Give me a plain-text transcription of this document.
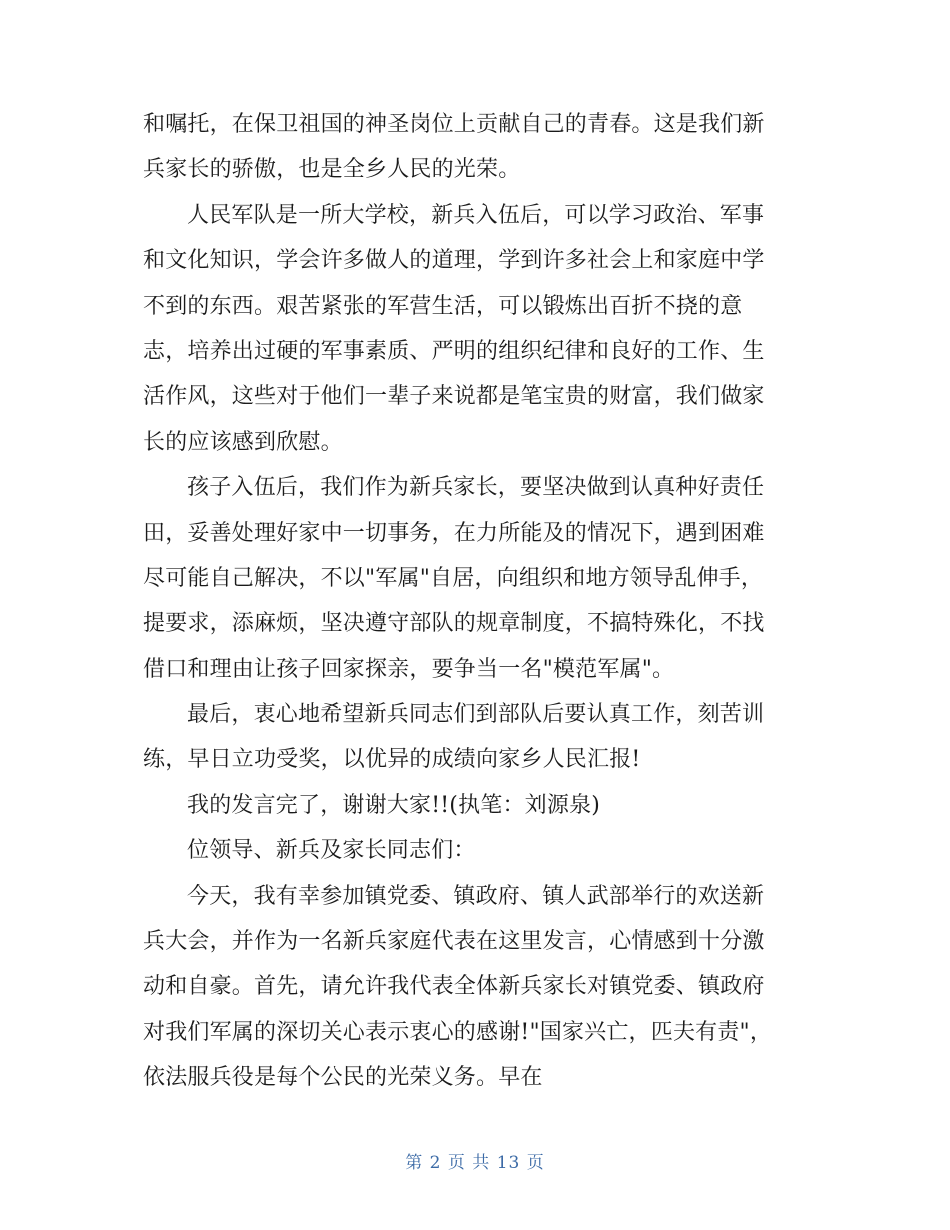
和嘱托，在保卫祖国的神圣岗位上贡献自己的青春。这是我们新
兵家长的骄傲，也是全乡人民的光荣。
人民军队是一所大学校，新兵入伍后，可以学习政治、军事
和文化知识，学会许多做人的道理，学到许多社会上和家庭中学
不到的东西。艰苦紧张的军营生活，可以锻炼出百折不挠的意
志，培养出过硬的军事素质、严明的组织纪律和良好的工作、生
活作风，这些对于他们一辈子来说都是笔宝贵的财富，我们做家
长的应该感到欣慰。
孩子入伍后，我们作为新兵家长，要坚决做到认真种好责任
田，妥善处理好家中一切事务，在力所能及的情况下，遇到困难
尽可能自己解决，不以"军属"自居，向组织和地方领导乱伸手，
提要求，添麻烦，坚决遵守部队的规章制度，不搞特殊化，不找
借口和理由让孩子回家探亲，要争当一名"模范军属"。
最后，衷心地希望新兵同志们到部队后要认真工作，刻苦训
练，早日立功受奖，以优异的成绩向家乡人民汇报!
我的发言完了，谢谢大家!!(执笔：刘源泉)
位领导、新兵及家长同志们：
今天，我有幸参加镇党委、镇政府、镇人武部举行的欢送新
兵大会，并作为一名新兵家庭代表在这里发言，心情感到十分激
动和自豪。首先，请允许我代表全体新兵家长对镇党委、镇政府
对我们军属的深切关心表示衷心的感谢!"国家兴亡，匹夫有责"，
依法服兵役是每个公民的光荣义务。早在
第 2 页 共 13 页
